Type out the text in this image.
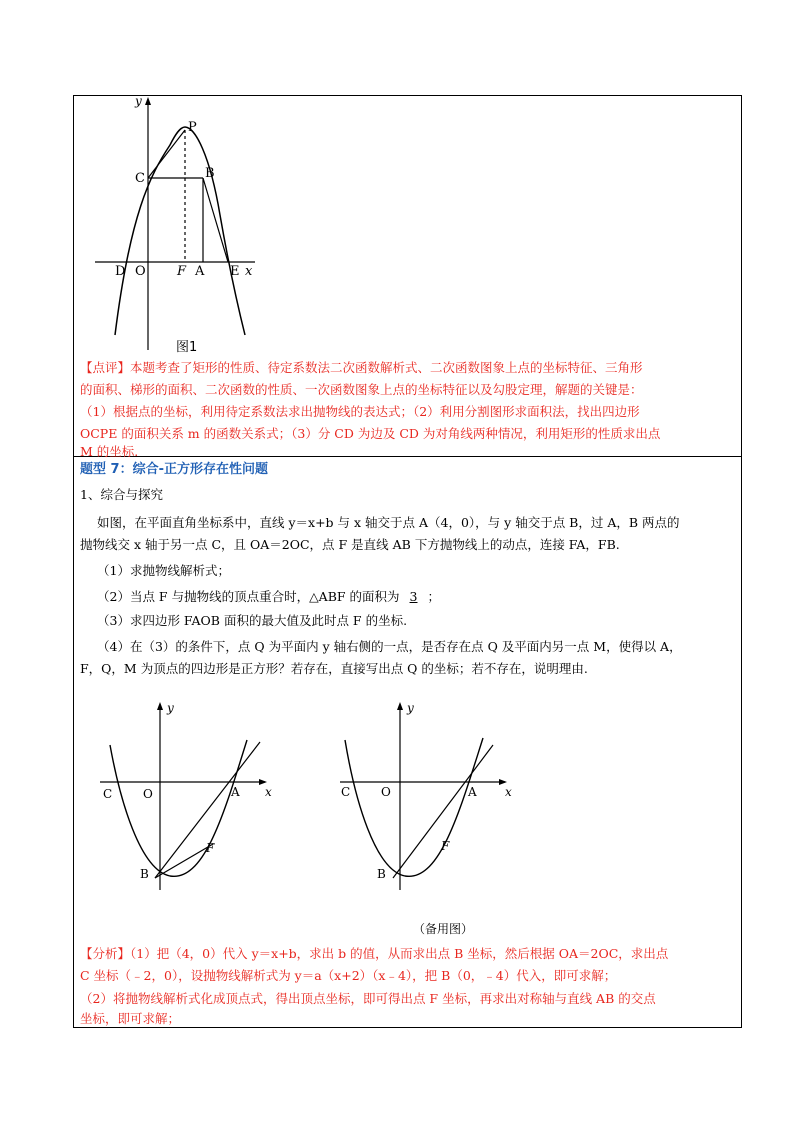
y
P
C	B
D O F A E x
图1
【点评】本题考查了矩形的性质、待定系数法二次函数解析式、二次函数图象上点的坐标特征、三角形
的面积、梯形的面积、二次函数的性质、一次函数图象上点的坐标特征以及勾股定理，解题的关键是：
（1）根据点的坐标，利用待定系数法求出抛物线的表达式；（2）利用分割图形求面积法，找出四边形
OCPE 的面积关系 m 的函数关系式；（3）分 CD 为边及 CD 为对角线两种情况，利用矩形的性质求出点
M 的坐标.
题型 7：综合-正方形存在性问题
1、综合与探究
如图，在平面直角坐标系中，直线 y＝x+b 与 x 轴交于点 A（4，0），与 y 轴交于点 B，过 A，B 两点的
抛物线交 x 轴于另一点 C，且 OA＝2OC，点 F 是直线 AB 下方抛物线上的动点，连接 FA，FB.
（1）求抛物线解析式；
（2）当点 F 与抛物线的顶点重合时，△ABF 的面积为 3 ；
（3）求四边形 FAOB 面积的最大值及此时点 F 的坐标.
（4）在（3）的条件下，点 Q 为平面内 y 轴右侧的一点，是否存在点 Q 及平面内另一点 M，使得以 A，
F，Q，M 为顶点的四边形是正方形？若存在，直接写出点 Q 的坐标；若不存在，说明理由.
y
x
C	O	A
F
B
y
x
C	O	A
F
B
（备用图）
【分析】（1）把（4，0）代入 y＝x+b，求出 b 的值，从而求出点 B 坐标，然后根据 OA＝2OC，求出点
C 坐标（﹣2，0），设抛物线解析式为 y＝a（x+2）（x﹣4），把 B（0，﹣4）代入，即可求解；
（2）将抛物线解析式化成顶点式，得出顶点坐标，即可得出点 F 坐标，再求出对称轴与直线 AB 的交点
坐标，即可求解；
